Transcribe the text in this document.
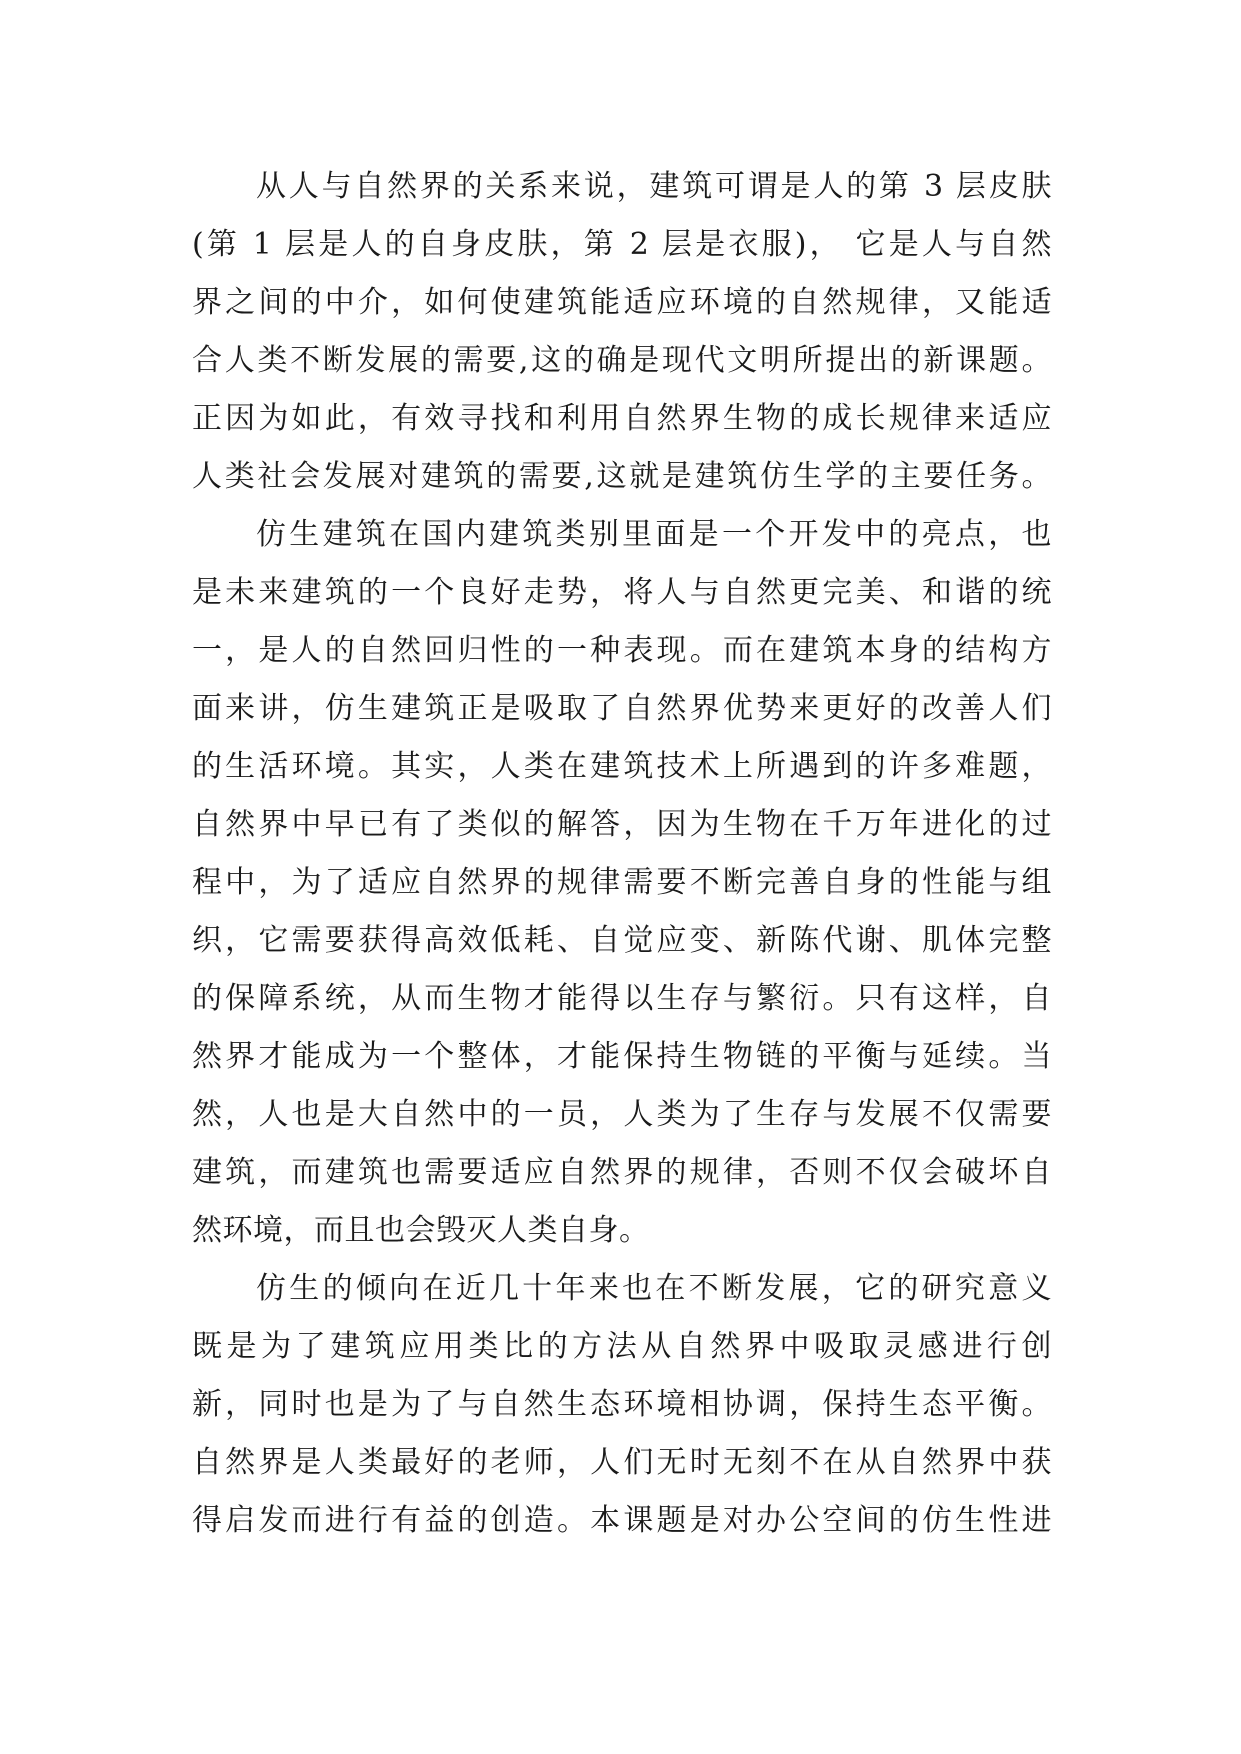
从人与自然界的关系来说，建筑可谓是人的第 3 层皮肤
(第 1 层是人的自身皮肤，第 2 层是衣服)， 它是人与自然
界之间的中介，如何使建筑能适应环境的自然规律，又能适
合人类不断发展的需要,这的确是现代文明所提出的新课题。
正因为如此，有效寻找和利用自然界生物的成长规律来适应
人类社会发展对建筑的需要,这就是建筑仿生学的主要任务。
仿生建筑在国内建筑类别里面是一个开发中的亮点，也
是未来建筑的一个良好走势，将人与自然更完美、和谐的统
一，是人的自然回归性的一种表现。而在建筑本身的结构方
面来讲，仿生建筑正是吸取了自然界优势来更好的改善人们
的生活环境。其实，人类在建筑技术上所遇到的许多难题，
自然界中早已有了类似的解答，因为生物在千万年进化的过
程中，为了适应自然界的规律需要不断完善自身的性能与组
织，它需要获得高效低耗、自觉应变、新陈代谢、肌体完整
的保障系统，从而生物才能得以生存与繁衍。只有这样，自
然界才能成为一个整体，才能保持生物链的平衡与延续。当
然，人也是大自然中的一员，人类为了生存与发展不仅需要
建筑，而建筑也需要适应自然界的规律，否则不仅会破坏自
然环境，而且也会毁灭人类自身。
仿生的倾向在近几十年来也在不断发展，它的研究意义
既是为了建筑应用类比的方法从自然界中吸取灵感进行创
新，同时也是为了与自然生态环境相协调，保持生态平衡。
自然界是人类最好的老师，人们无时无刻不在从自然界中获
得启发而进行有益的创造。本课题是对办公空间的仿生性进
